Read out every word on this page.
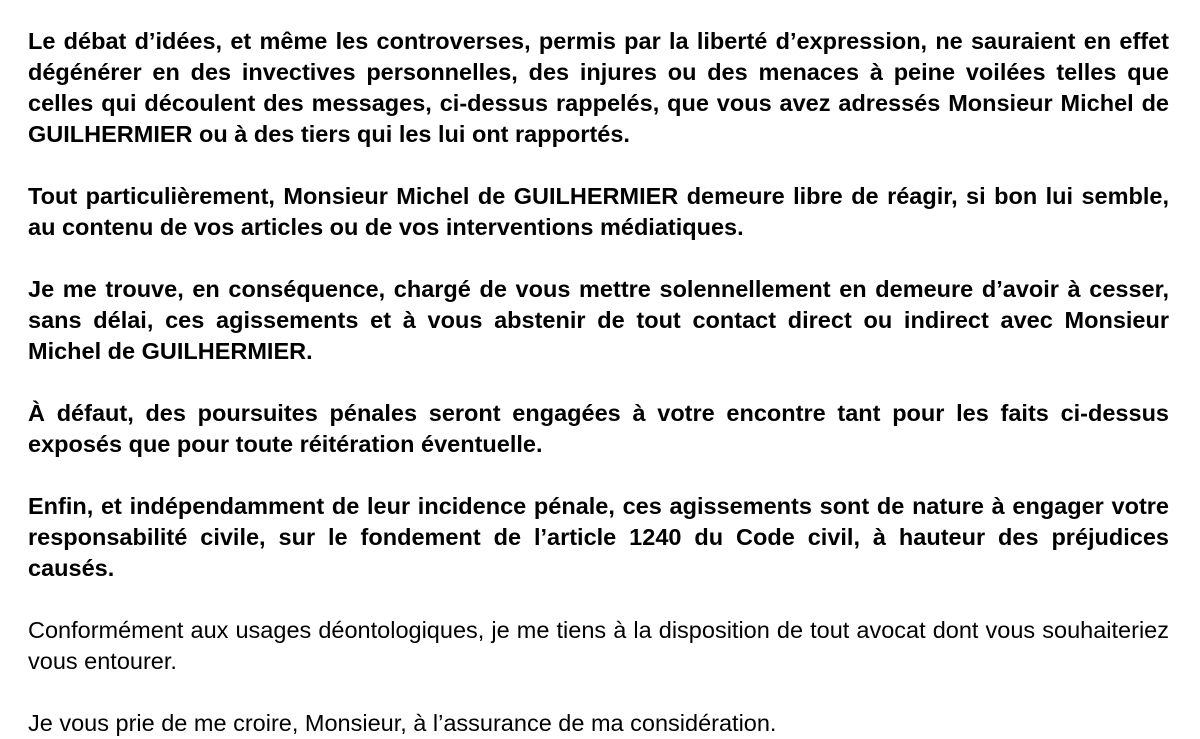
Le débat d’idées, et même les controverses, permis par la liberté d’expression, ne sauraient en effet dégénérer en des invectives personnelles, des injures ou des menaces à peine voilées telles que celles qui découlent des messages, ci-dessus rappelés, que vous avez adressés Monsieur Michel de GUILHERMIER ou à des tiers qui les lui ont rapportés.

Tout particulièrement, Monsieur Michel de GUILHERMIER demeure libre de réagir, si bon lui semble, au contenu de vos articles ou de vos interventions médiatiques.

Je me trouve, en conséquence, chargé de vous mettre solennellement en demeure d’avoir à cesser, sans délai, ces agissements et à vous abstenir de tout contact direct ou indirect avec Monsieur Michel de GUILHERMIER.

À défaut, des poursuites pénales seront engagées à votre encontre tant pour les faits ci-dessus exposés que pour toute réitération éventuelle.

Enfin, et indépendamment de leur incidence pénale, ces agissements sont de nature à engager votre responsabilité civile, sur le fondement de l’article 1240 du Code civil, à hauteur des préjudices causés.

Conformément aux usages déontologiques, je me tiens à la disposition de tout avocat dont vous souhaiteriez vous entourer.

Je vous prie de me croire, Monsieur, à l’assurance de ma considération.
